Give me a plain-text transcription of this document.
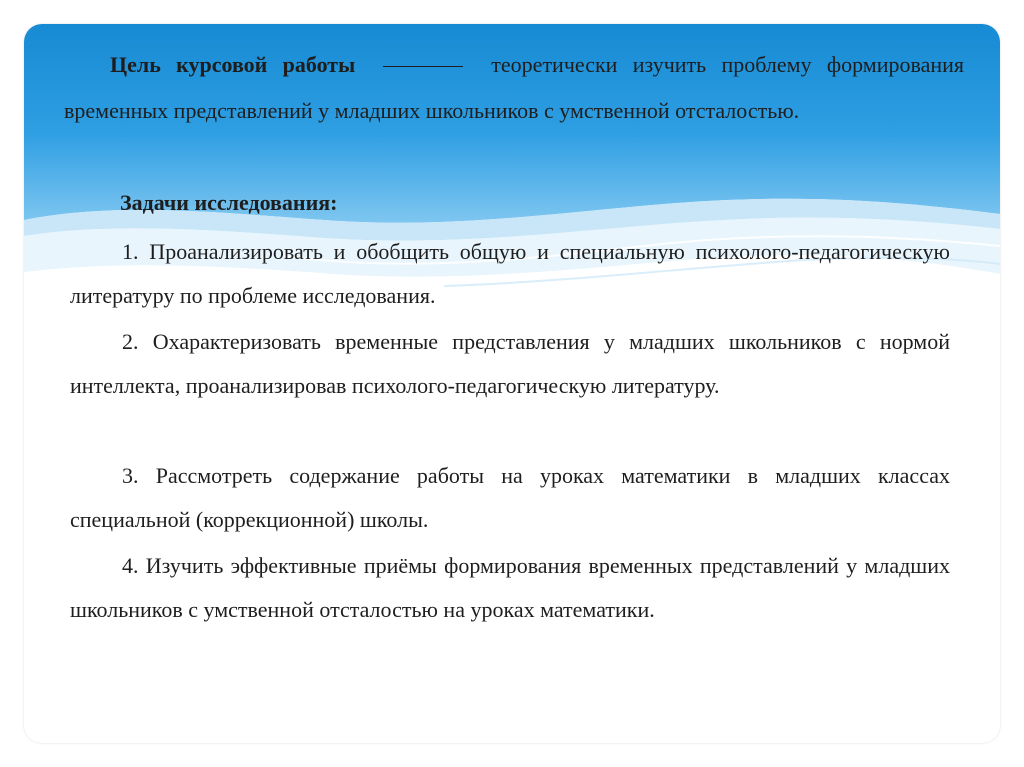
Цель курсовой работы	теоретически изучить проблему формирования временных представлений у младших школьников с умственной отсталостью.
Задачи исследования:

1. Проанализировать и обобщить общую и специальную психолого-педагогическую литературу по проблеме исследования.

2. Охарактеризовать временные представления у младших школьников с нормой интеллекта, проанализировав психолого-педагогическую литературу.

3. Рассмотреть содержание работы на уроках математики в младших классах специальной (коррекционной) школы.

4. Изучить эффективные приёмы формирования временных представлений у младших школьников с умственной отсталостью на уроках математики.
